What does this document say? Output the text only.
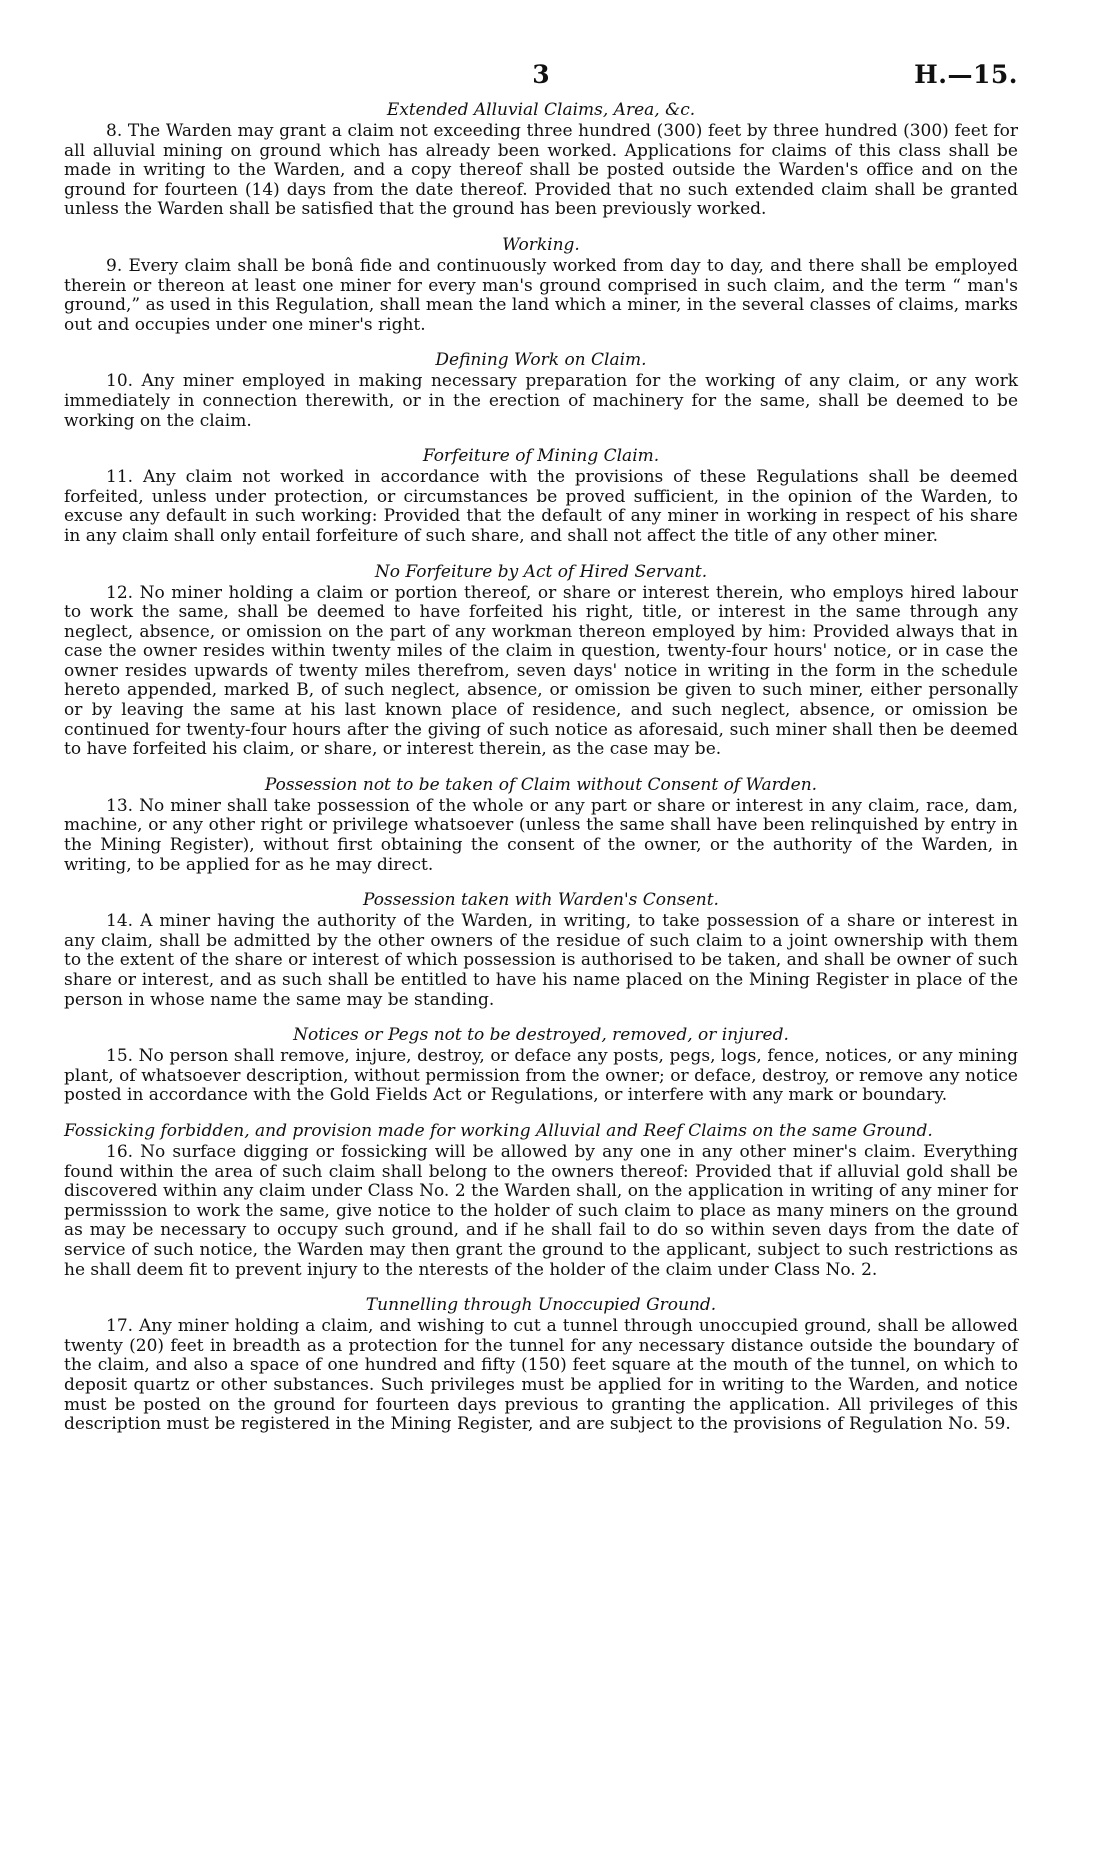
3	H.—15.
Extended Alluvial Claims, Area, &c.

8. The Warden may grant a claim not exceeding three hundred (300) feet by three hundred (300) feet for all alluvial mining on ground which has already been worked. Applications for claims of this class shall be made in writing to the Warden, and a copy thereof shall be posted outside the Warden's office and on the ground for fourteen (14) days from the date thereof. Provided that no such extended claim shall be granted unless the Warden shall be satisfied that the ground has been previously worked.

Working.

9. Every claim shall be bonâ fide and continuously worked from day to day, and there shall be employed therein or thereon at least one miner for every man's ground comprised in such claim, and the term “ man's ground,” as used in this Regulation, shall mean the land which a miner, in the several classes of claims, marks out and occupies under one miner's right.

Defining Work on Claim.

10. Any miner employed in making necessary preparation for the working of any claim, or any work immediately in connection therewith, or in the erection of machinery for the same, shall be deemed to be working on the claim.

Forfeiture of Mining Claim.

11. Any claim not worked in accordance with the provisions of these Regulations shall be deemed forfeited, unless under protection, or circumstances be proved sufficient, in the opinion of the Warden, to excuse any default in such working: Provided that the default of any miner in working in respect of his share in any claim shall only entail forfeiture of such share, and shall not affect the title of any other miner.

No Forfeiture by Act of Hired Servant.

12. No miner holding a claim or portion thereof, or share or interest therein, who employs hired labour to work the same, shall be deemed to have forfeited his right, title, or interest in the same through any neglect, absence, or omission on the part of any workman thereon employed by him: Provided always that in case the owner resides within twenty miles of the claim in question, twenty-four hours' notice, or in case the owner resides upwards of twenty miles therefrom, seven days' notice in writing in the form in the schedule hereto appended, marked B, of such neglect, absence, or omission be given to such miner, either personally or by leaving the same at his last known place of residence, and such neglect, absence, or omission be continued for twenty-four hours after the giving of such notice as aforesaid, such miner shall then be deemed to have forfeited his claim, or share, or interest therein, as the case may be.

Possession not to be taken of Claim without Consent of Warden.

13. No miner shall take possession of the whole or any part or share or interest in any claim, race, dam, machine, or any other right or privilege whatsoever (unless the same shall have been relinquished by entry in the Mining Register), without first obtaining the consent of the owner, or the authority of the Warden, in writing, to be applied for as he may direct.

Possession taken with Warden's Consent.

14. A miner having the authority of the Warden, in writing, to take possession of a share or interest in any claim, shall be admitted by the other owners of the residue of such claim to a joint ownership with them to the extent of the share or interest of which possession is authorised to be taken, and shall be owner of such share or interest, and as such shall be entitled to have his name placed on the Mining Register in place of the person in whose name the same may be standing.

Notices or Pegs not to be destroyed, removed, or injured.

15. No person shall remove, injure, destroy, or deface any posts, pegs, logs, fence, notices, or any mining plant, of whatsoever description, without permission from the owner; or deface, destroy, or remove any notice posted in accordance with the Gold Fields Act or Regulations, or interfere with any mark or boundary.

Fossicking forbidden, and provision made for working Alluvial and Reef Claims on the same Ground.

16. No surface digging or fossicking will be allowed by any one in any other miner's claim. Everything found within the area of such claim shall belong to the owners thereof: Provided that if alluvial gold shall be discovered within any claim under Class No. 2 the Warden shall, on the application in writing of any miner for permisssion to work the same, give notice to the holder of such claim to place as many miners on the ground as may be necessary to occupy such ground, and if he shall fail to do so within seven days from the date of service of such notice, the Warden may then grant the ground to the applicant, subject to such restrictions as he shall deem fit to prevent injury to the nterests of the holder of the claim under Class No. 2.

Tunnelling through Unoccupied Ground.

17. Any miner holding a claim, and wishing to cut a tunnel through unoccupied ground, shall be allowed twenty (20) feet in breadth as a protection for the tunnel for any necessary distance outside the boundary of the claim, and also a space of one hundred and fifty (150) feet square at the mouth of the tunnel, on which to deposit quartz or other substances. Such privileges must be applied for in writing to the Warden, and notice must be posted on the ground for fourteen days previous to granting the application. All privileges of this description must be registered in the Mining Register, and are subject to the provisions of Regulation No. 59.
